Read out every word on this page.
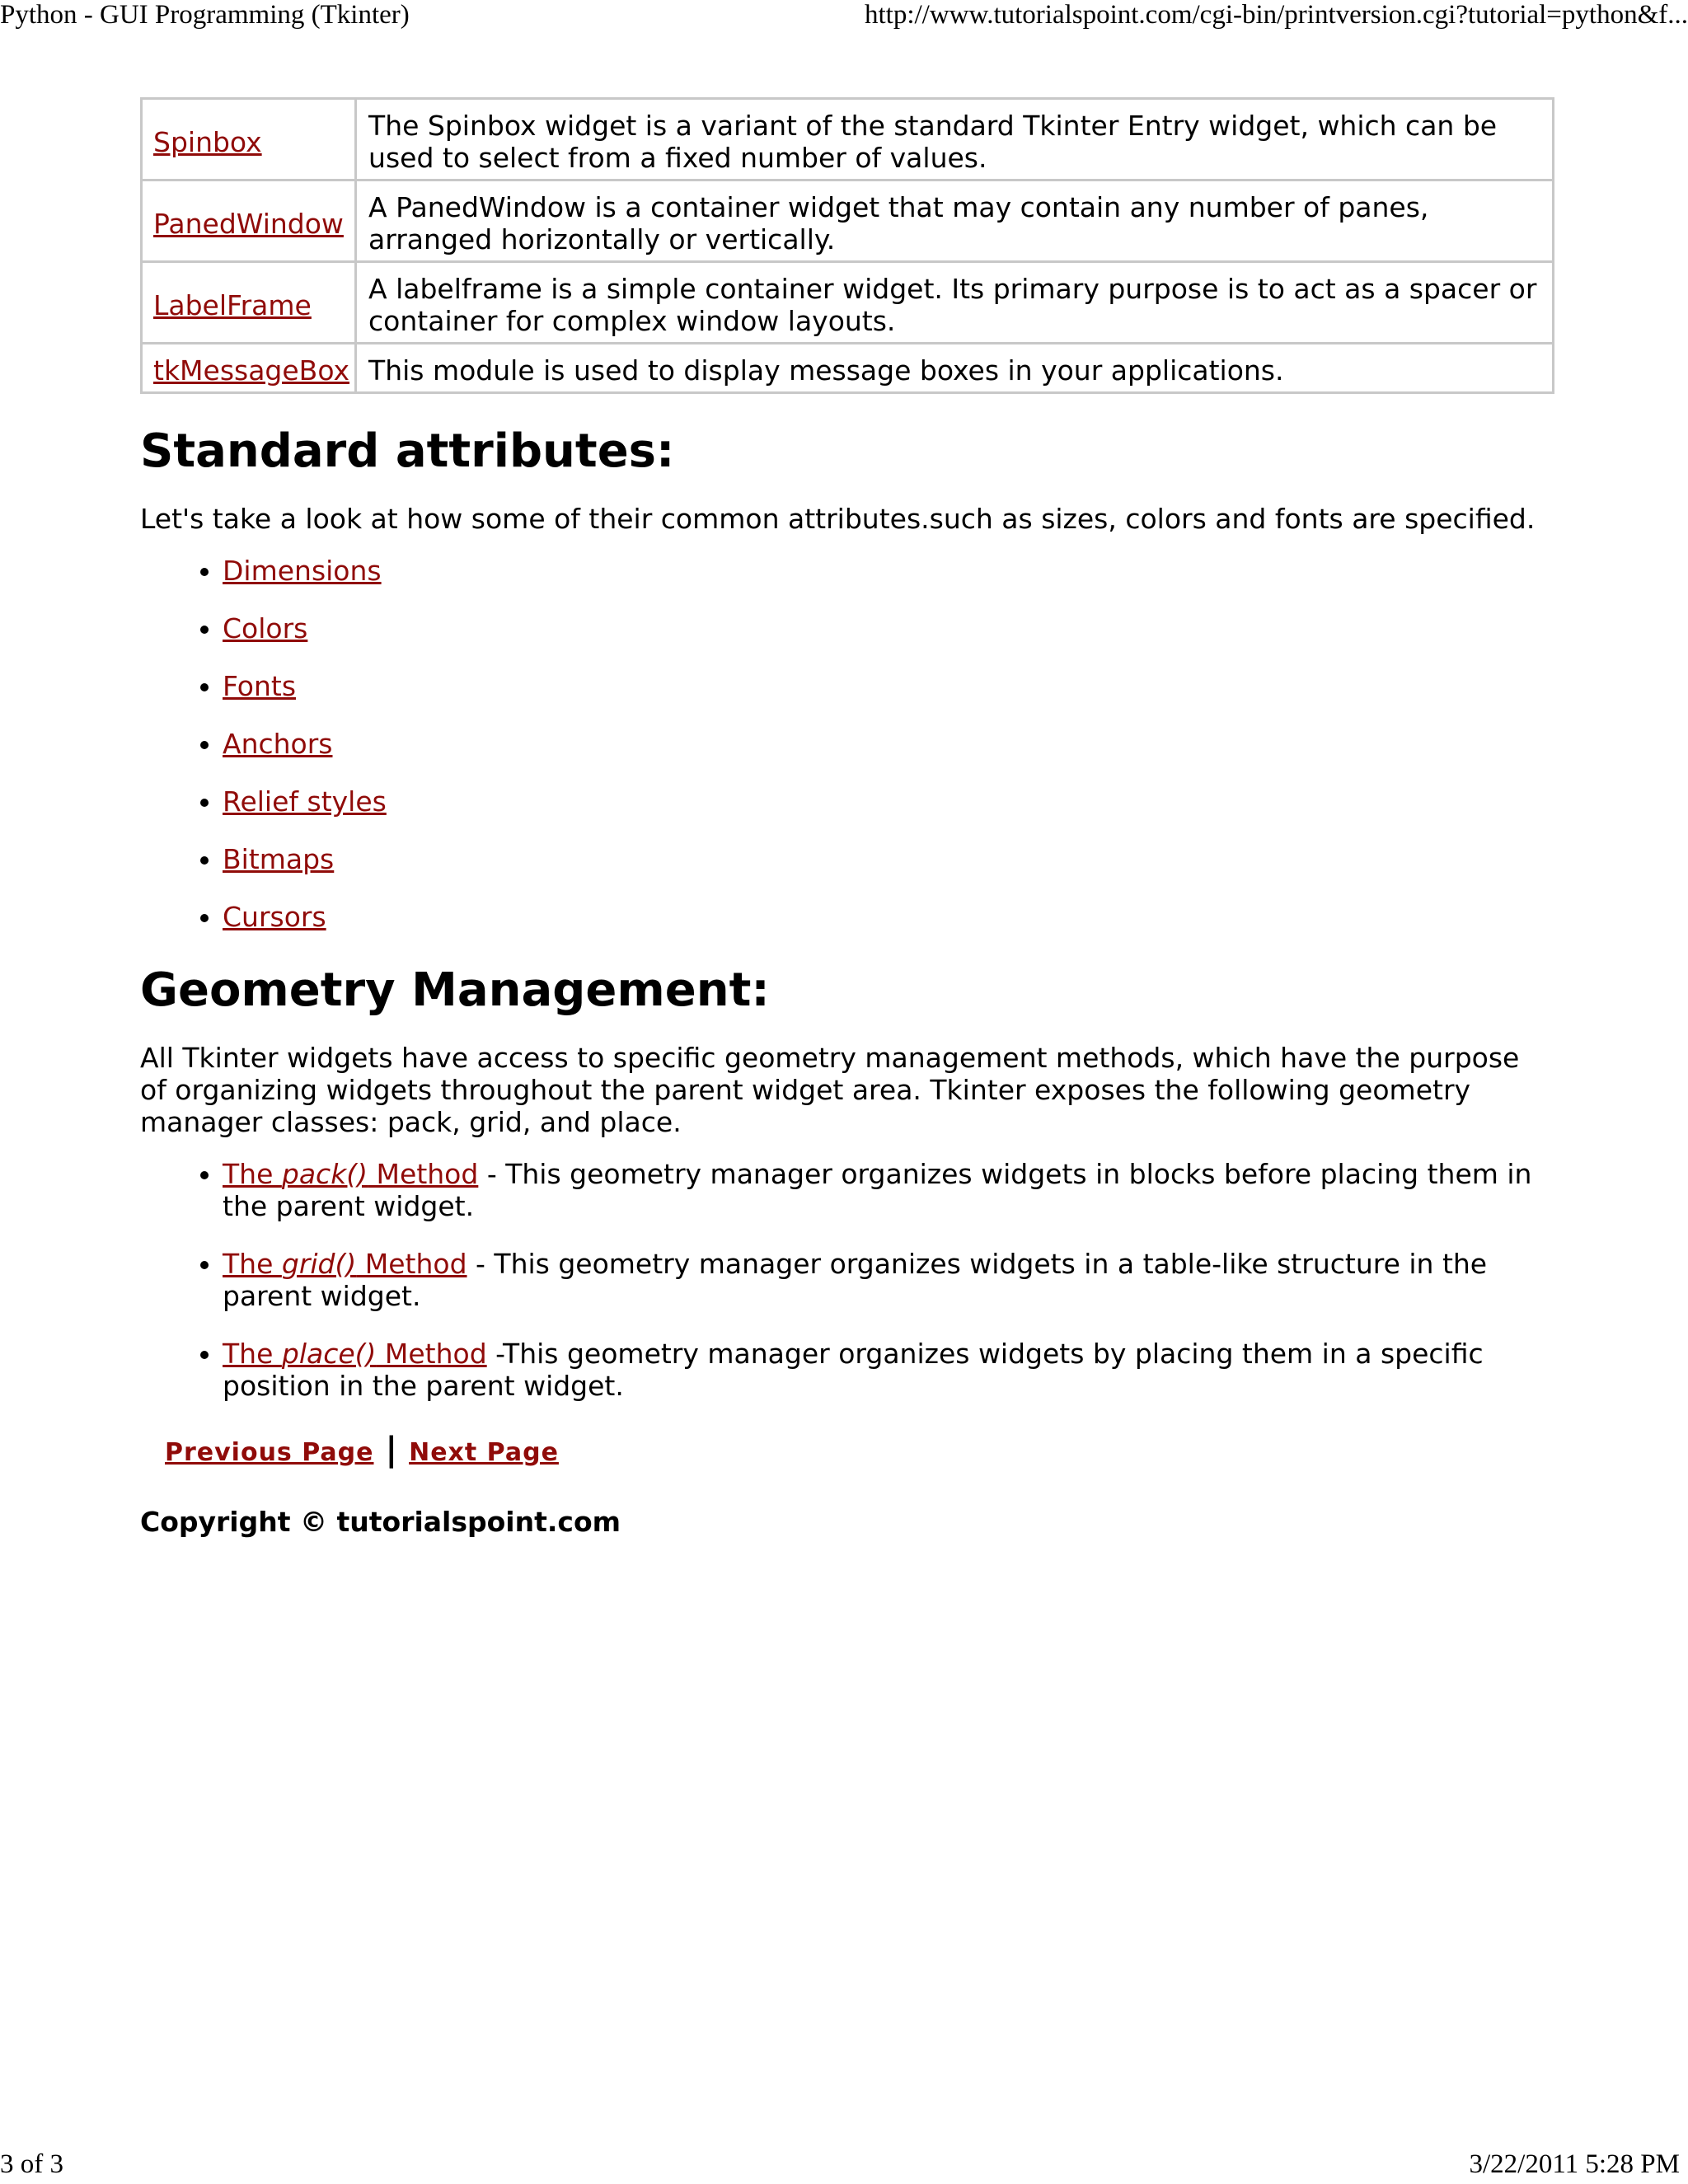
Python - GUI Programming (Tkinter)	http://www.tutorialspoint.com/cgi-bin/printversion.cgi?tutorial=python&f...
Spinbox	The Spinbox widget is a variant of the standard Tkinter Entry widget, which can be used to select from a fixed number of values.
PanedWindow	A PanedWindow is a container widget that may contain any number of panes, arranged horizontally or vertically.
LabelFrame	A labelframe is a simple container widget. Its primary purpose is to act as a spacer or container for complex window layouts.
tkMessageBox	This module is used to display message boxes in your applications.
Standard attributes:

Let's take a look at how some of their common attributes.such as sizes, colors and fonts are specified.

• Dimensions
• Colors
• Fonts
• Anchors
• Relief styles
• Bitmaps
• Cursors
Geometry Management:

All Tkinter widgets have access to specific geometry management methods, which have the purpose of organizing widgets throughout the parent widget area. Tkinter exposes the following geometry manager classes: pack, grid, and place.

• The pack() Method - This geometry manager organizes widgets in blocks before placing them in the parent widget.
• The grid() Method - This geometry manager organizes widgets in a table-like structure in the parent widget.
• The place() Method -This geometry manager organizes widgets by placing them in a specific position in the parent widget.
Previous Page | Next Page
Copyright © tutorialspoint.com
3 of 3	3/22/2011 5:28 PM
